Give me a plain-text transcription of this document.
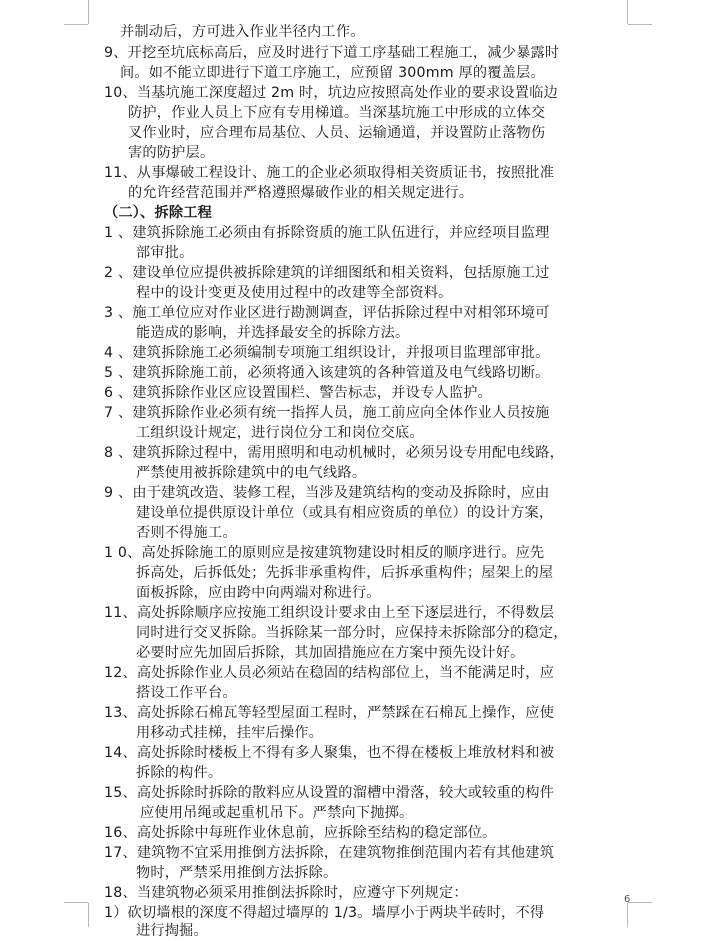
并制动后，方可进入作业半径内工作。
9、开挖至坑底标高后，应及时进行下道工序基础工程施工，减少暴露时
间。如不能立即进行下道工序施工，应预留 300mm 厚的覆盖层。
10、当基坑施工深度超过 2m 时，坑边应按照高处作业的要求设置临边
防护，作业人员上下应有专用梯道。当深基坑施工中形成的立体交
叉作业时，应合理布局基位、人员、运输通道，并设置防止落物伤
害的防护层。
11、从事爆破工程设计、施工的企业必须取得相关资质证书，按照批准
的允许经营范围并严格遵照爆破作业的相关规定进行。
（二）、拆除工程
1 、建筑拆除施工必须由有拆除资质的施工队伍进行，并应经项目监理
部审批。
2 、建设单位应提供被拆除建筑的详细图纸和相关资料，包括原施工过
程中的设计变更及使用过程中的改建等全部资料。
3 、施工单位应对作业区进行勘测调查，评估拆除过程中对相邻环境可
能造成的影响，并选择最安全的拆除方法。
4 、建筑拆除施工必须编制专项施工组织设计，并报项目监理部审批。
5 、建筑拆除施工前，必须将通入该建筑的各种管道及电气线路切断。
6 、建筑拆除作业区应设置围栏、警告标志，并设专人监护。
7 、建筑拆除作业必须有统一指挥人员，施工前应向全体作业人员按施
工组织设计规定，进行岗位分工和岗位交底。
8 、建筑拆除过程中，需用照明和电动机械时，必须另设专用配电线路，
严禁使用被拆除建筑中的电气线路。
9 、由于建筑改造、装修工程，当涉及建筑结构的变动及拆除时，应由
建设单位提供原设计单位（或具有相应资质的单位）的设计方案，
否则不得施工。
1 0、高处拆除施工的原则应是按建筑物建设时相反的顺序进行。应先
拆高处，后拆低处；先拆非承重构件，后拆承重构件；屋架上的屋
面板拆除，应由跨中向两端对称进行。
11、高处拆除顺序应按施工组织设计要求由上至下逐层进行，不得数层
同时进行交叉拆除。当拆除某一部分时，应保持未拆除部分的稳定，
必要时应先加固后拆除，其加固措施应在方案中预先设计好。
12、高处拆除作业人员必须站在稳固的结构部位上，当不能满足时，应
搭设工作平台。
13、高处拆除石棉瓦等轻型屋面工程时，严禁踩在石棉瓦上操作，应使
用移动式挂梯，挂牢后操作。
14、高处拆除时楼板上不得有多人聚集，也不得在楼板上堆放材料和被
拆除的构件。
15、高处拆除时拆除的散料应从设置的溜槽中滑落，较大或较重的构件
应使用吊绳或起重机吊下。严禁向下抛掷。
16、高处拆除中每班作业休息前，应拆除至结构的稳定部位。
17、建筑物不宜采用推倒方法拆除，在建筑物推倒范围内若有其他建筑
物时，严禁采用推倒方法拆除。
18、当建筑物必须采用推倒法拆除时，应遵守下列规定：
1）砍切墙根的深度不得超过墙厚的 1/3。墙厚小于两块半砖时，不得
进行掏掘。
6
